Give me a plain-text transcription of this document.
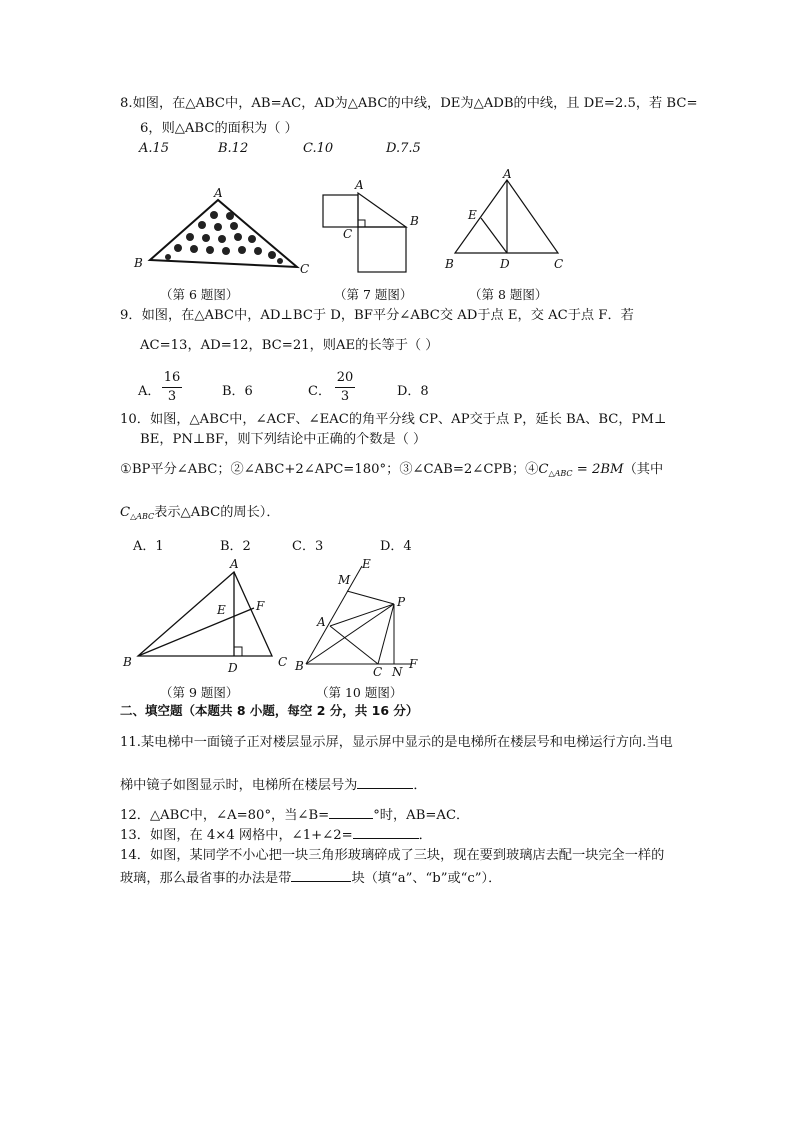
8.如图，在△ABC中，AB=AC，AD为△ABC的中线，DE为△ADB的中线，且 DE=2.5，若 BC=
6，则△ABC的面积为（ ）
A.15	B.12	C.10	D.7.5
A
B	C
A
B
C
A
B	C
D
E
（第 6 题图）	（第 7 题图）	（第 8 题图）
9．如图，在△ABC中，AD⊥BC于 D，BF平分∠ABC交 AD于点 E，交 AC于点 F．若
AC=13，AD=12，BC=21，则AE的长等于（ ）
A．
16
3	B．6	C．
20
3	D．8
10．如图，△ABC中，∠ACF、∠EAC的角平分线 CP、AP交于点 P，延长 BA、BC，PM⊥
BE，PN⊥BF，则下列结论中正确的个数是（ ）
①BP平分∠ABC；②∠ABC+2∠APC=180°；③∠CAB=2∠CPB；$④C_{\triangle ABC} = 2BM$（其中
$C_{\triangle ABC}$表示△ABC的周长）．
A．1	B．2	C．3	D．4
A
B	C
D
E	F
M
E
A
P
B	C N
F
（第 9 题图）	（第 10 题图）
二、填空题（本题共 8 小题，每空 2 分，共 16 分）
11.某电梯中一面镜子正对楼层显示屏，显示屏中显示的是电梯所在楼层号和电梯运行方向.当电
梯中镜子如图显示时，电梯所在楼层号为	．
12．△ABC中，∠A=80°，当∠B=	°时，AB=AC．
13．如图，在 4×4 网格中，∠1+∠2=	．
14．如图，某同学不小心把一块三角形玻璃碎成了三块，现在要到玻璃店去配一块完全一样的
玻璃，那么最省事的办法是带	块（填“a”、“b”或“c”）．
